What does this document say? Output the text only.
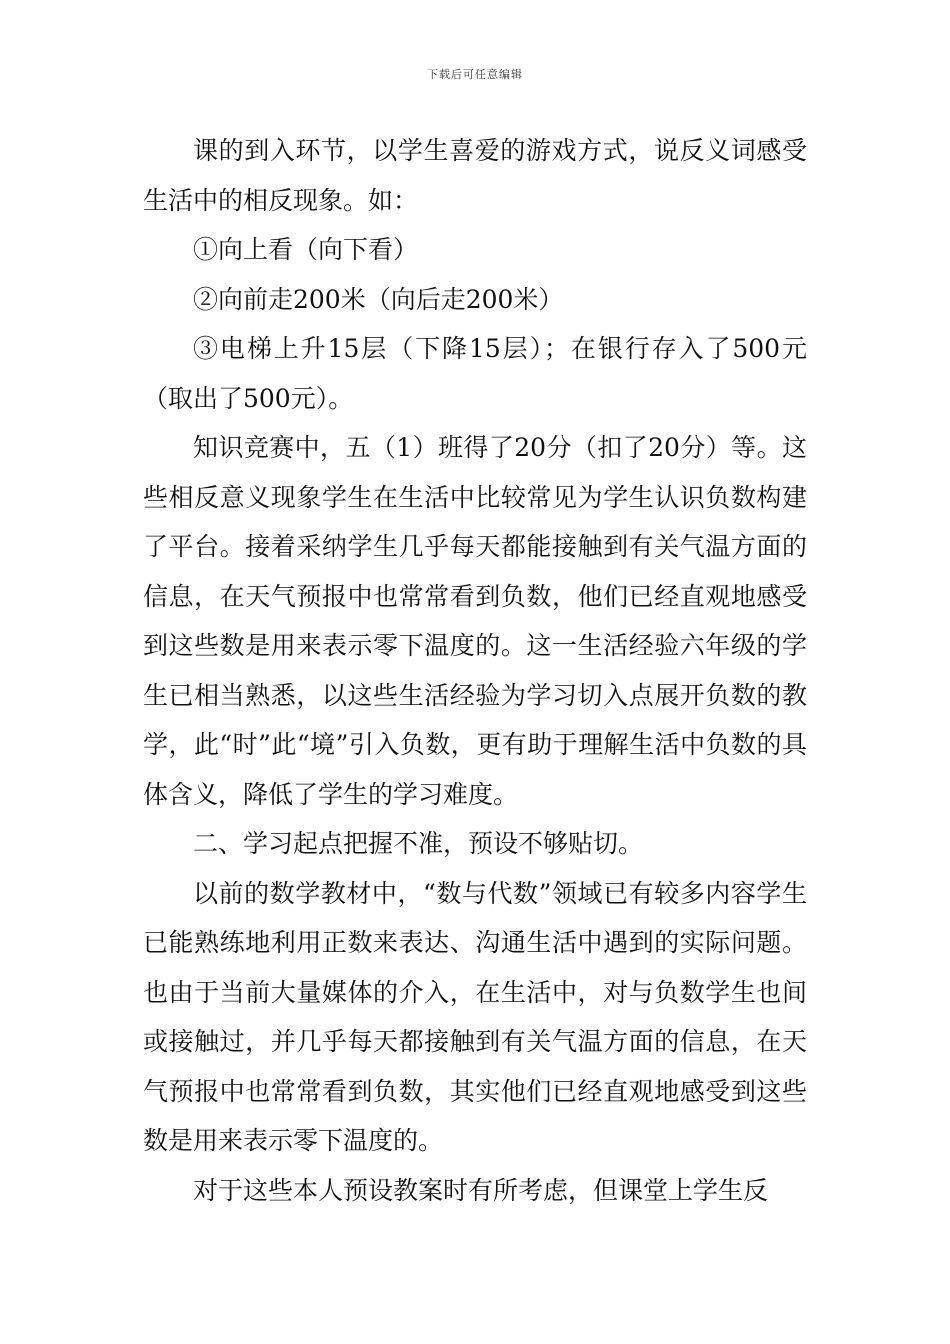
下载后可任意编辑

课的到入环节，以学生喜爱的游戏方式，说反义词感受生活中的相反现象。如：

①向上看（向下看）

②向前走200米（向后走200米）

③电梯上升15层（下降15层）；在银行存入了500元（取出了500元）。

知识竞赛中，五（1）班得了20分（扣了20分）等。这些相反意义现象学生在生活中比较常见为学生认识负数构建了平台。接着采纳学生几乎每天都能接触到有关气温方面的信息，在天气预报中也常常看到负数，他们已经直观地感受到这些数是用来表示零下温度的。这一生活经验六年级的学生已相当熟悉，以这些生活经验为学习切入点展开负数的教学，此“时”此“境”引入负数，更有助于理解生活中负数的具体含义，降低了学生的学习难度。

二、学习起点把握不准，预设不够贴切。

以前的数学教材中，“数与代数”领域已有较多内容学生已能熟练地利用正数来表达、沟通生活中遇到的实际问题。也由于当前大量媒体的介入，在生活中，对与负数学生也间或接触过，并几乎每天都接触到有关气温方面的信息，在天气预报中也常常看到负数，其实他们已经直观地感受到这些数是用来表示零下温度的。

对于这些本人预设教案时有所考虑，但课堂上学生反
